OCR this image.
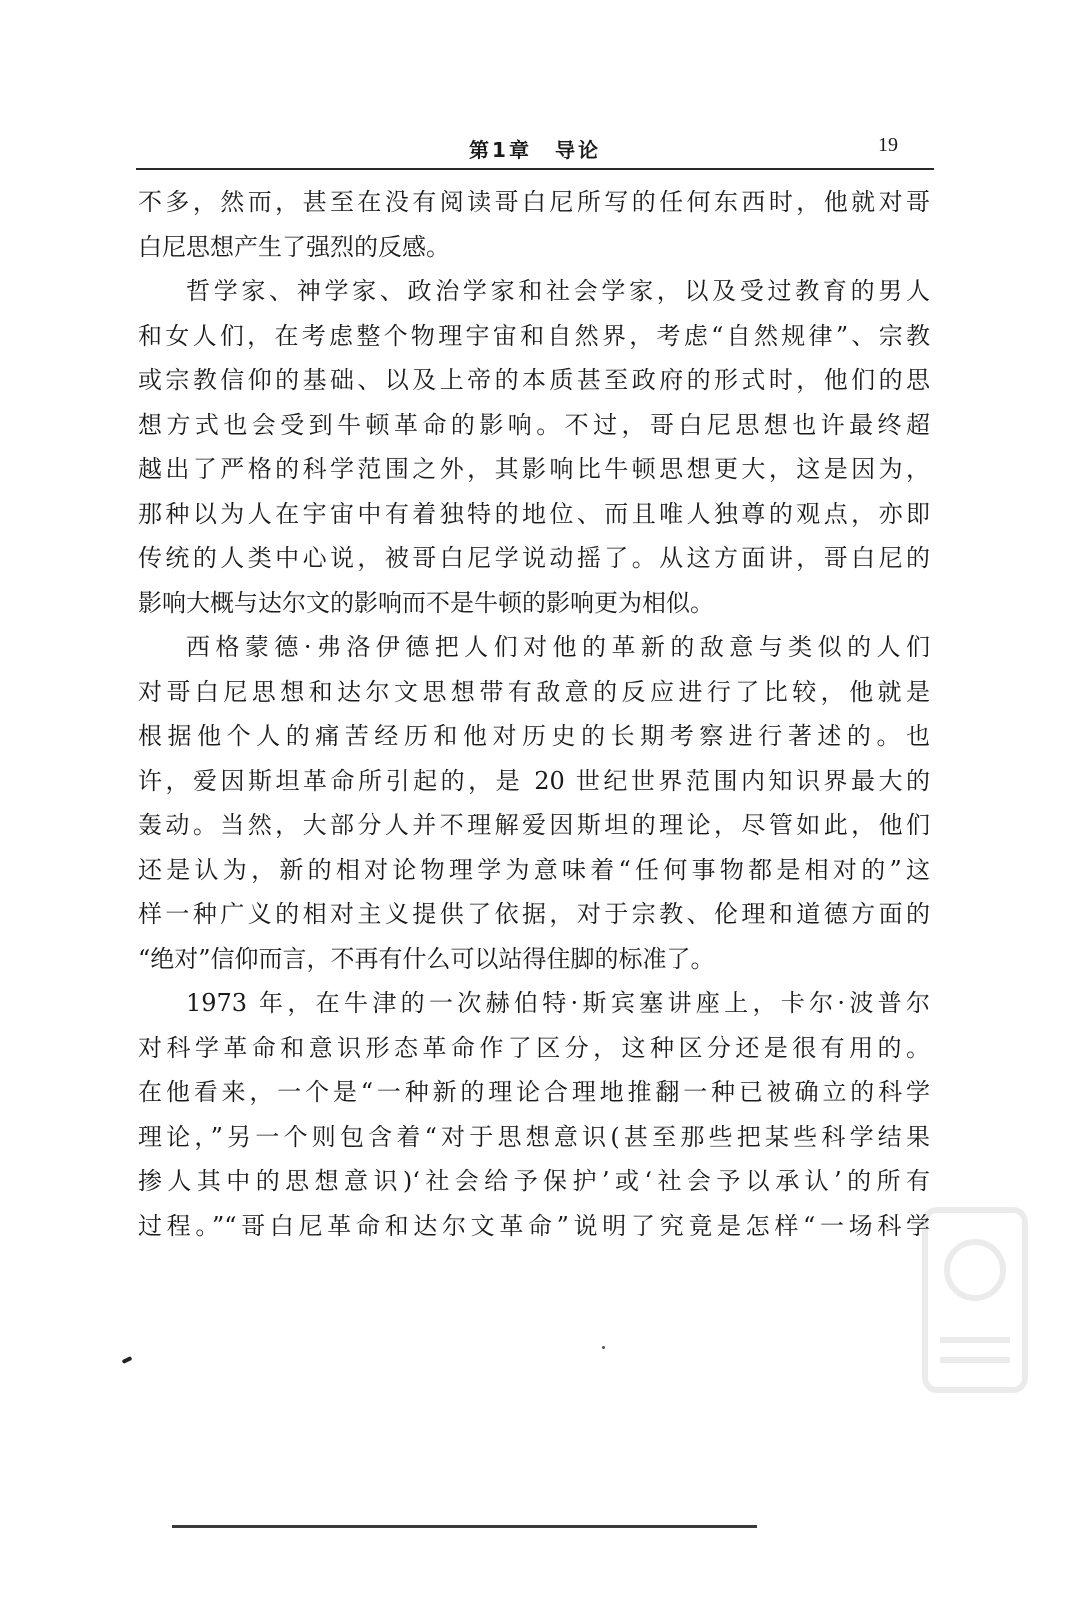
第1章　导论	19

不多，然而，甚至在没有阅读哥白尼所写的任何东西时，他就对哥
白尼思想产生了强烈的反感。

哲学家、神学家、政治学家和社会学家，以及受过教育的男人
和女人们，在考虑整个物理宇宙和自然界，考虑“自然规律”、宗教
或宗教信仰的基础、以及上帝的本质甚至政府的形式时，他们的思
想方式也会受到牛顿革命的影响。不过，哥白尼思想也许最终超
越出了严格的科学范围之外，其影响比牛顿思想更大，这是因为，
那种以为人在宇宙中有着独特的地位、而且唯人独尊的观点，亦即
传统的人类中心说，被哥白尼学说动摇了。从这方面讲，哥白尼的
影响大概与达尔文的影响而不是牛顿的影响更为相似。

西格蒙德·弗洛伊德把人们对他的革新的敌意与类似的人们
对哥白尼思想和达尔文思想带有敌意的反应进行了比较，他就是
根据他个人的痛苦经历和他对历史的长期考察进行著述的。也
许，爱因斯坦革命所引起的，是 20 世纪世界范围内知识界最大的
轰动。当然，大部分人并不理解爱因斯坦的理论，尽管如此，他们
还是认为，新的相对论物理学为意味着“任何事物都是相对的”这
样一种广义的相对主义提供了依据，对于宗教、伦理和道德方面的
“绝对”信仰而言，不再有什么可以站得住脚的标准了。

1973 年，在牛津的一次赫伯特·斯宾塞讲座上，卡尔·波普尔
对科学革命和意识形态革命作了区分，这种区分还是很有用的。
在他看来，一个是“一种新的理论合理地推翻一种已被确立的科学
理论，”另一个则包含着“对于思想意识(甚至那些把某些科学结果
掺人其中的思想意识)‘社会给予保护’或‘社会予以承认’的所有
过程。”“哥白尼革命和达尔文革命”说明了究竟是怎样“一场科学
